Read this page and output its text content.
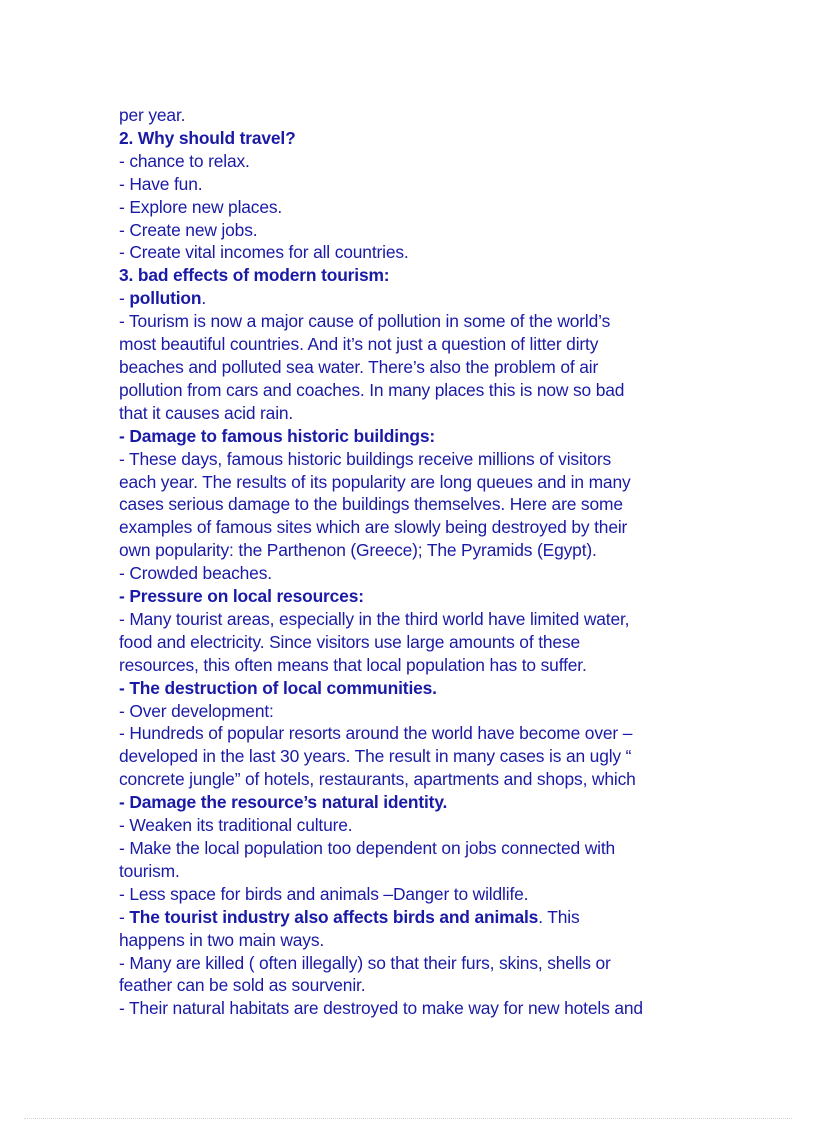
per year.
2. Why should travel?
- chance to relax.
- Have fun.
- Explore new places.
- Create new jobs.
- Create vital incomes for all countries.
3. bad effects of modern tourism:
- pollution.
- Tourism is now a major cause of pollution in some of the world’s
most beautiful countries. And it’s not just a question of litter dirty
beaches and polluted sea water. There’s also the problem of air
pollution from cars and coaches. In many places this is now so bad
that it causes acid rain.
- Damage to famous historic buildings:
- These days, famous historic buildings receive millions of visitors
each year. The results of its popularity are long queues and in many
cases serious damage to the buildings themselves. Here are some
examples of famous sites which are slowly being destroyed by their
own popularity: the Parthenon (Greece); The Pyramids (Egypt).
- Crowded beaches.
- Pressure on local resources:
- Many tourist areas, especially in the third world have limited water,
food and electricity. Since visitors use large amounts of these
resources, this often means that local population has to suffer.
- The destruction of local communities.
- Over development:
- Hundreds of popular resorts around the world have become over –
developed in the last 30 years. The result in many cases is an ugly “
concrete jungle” of hotels, restaurants, apartments and shops, which
- Damage the resource’s natural identity.
- Weaken its traditional culture.
- Make the local population too dependent on jobs connected with
tourism.
- Less space for birds and animals –Danger to wildlife.
- The tourist industry also affects birds and animals. This
happens in two main ways.
- Many are killed ( often illegally) so that their furs, skins, shells or
feather can be sold as sourvenir.
- Their natural habitats are destroyed to make way for new hotels and
